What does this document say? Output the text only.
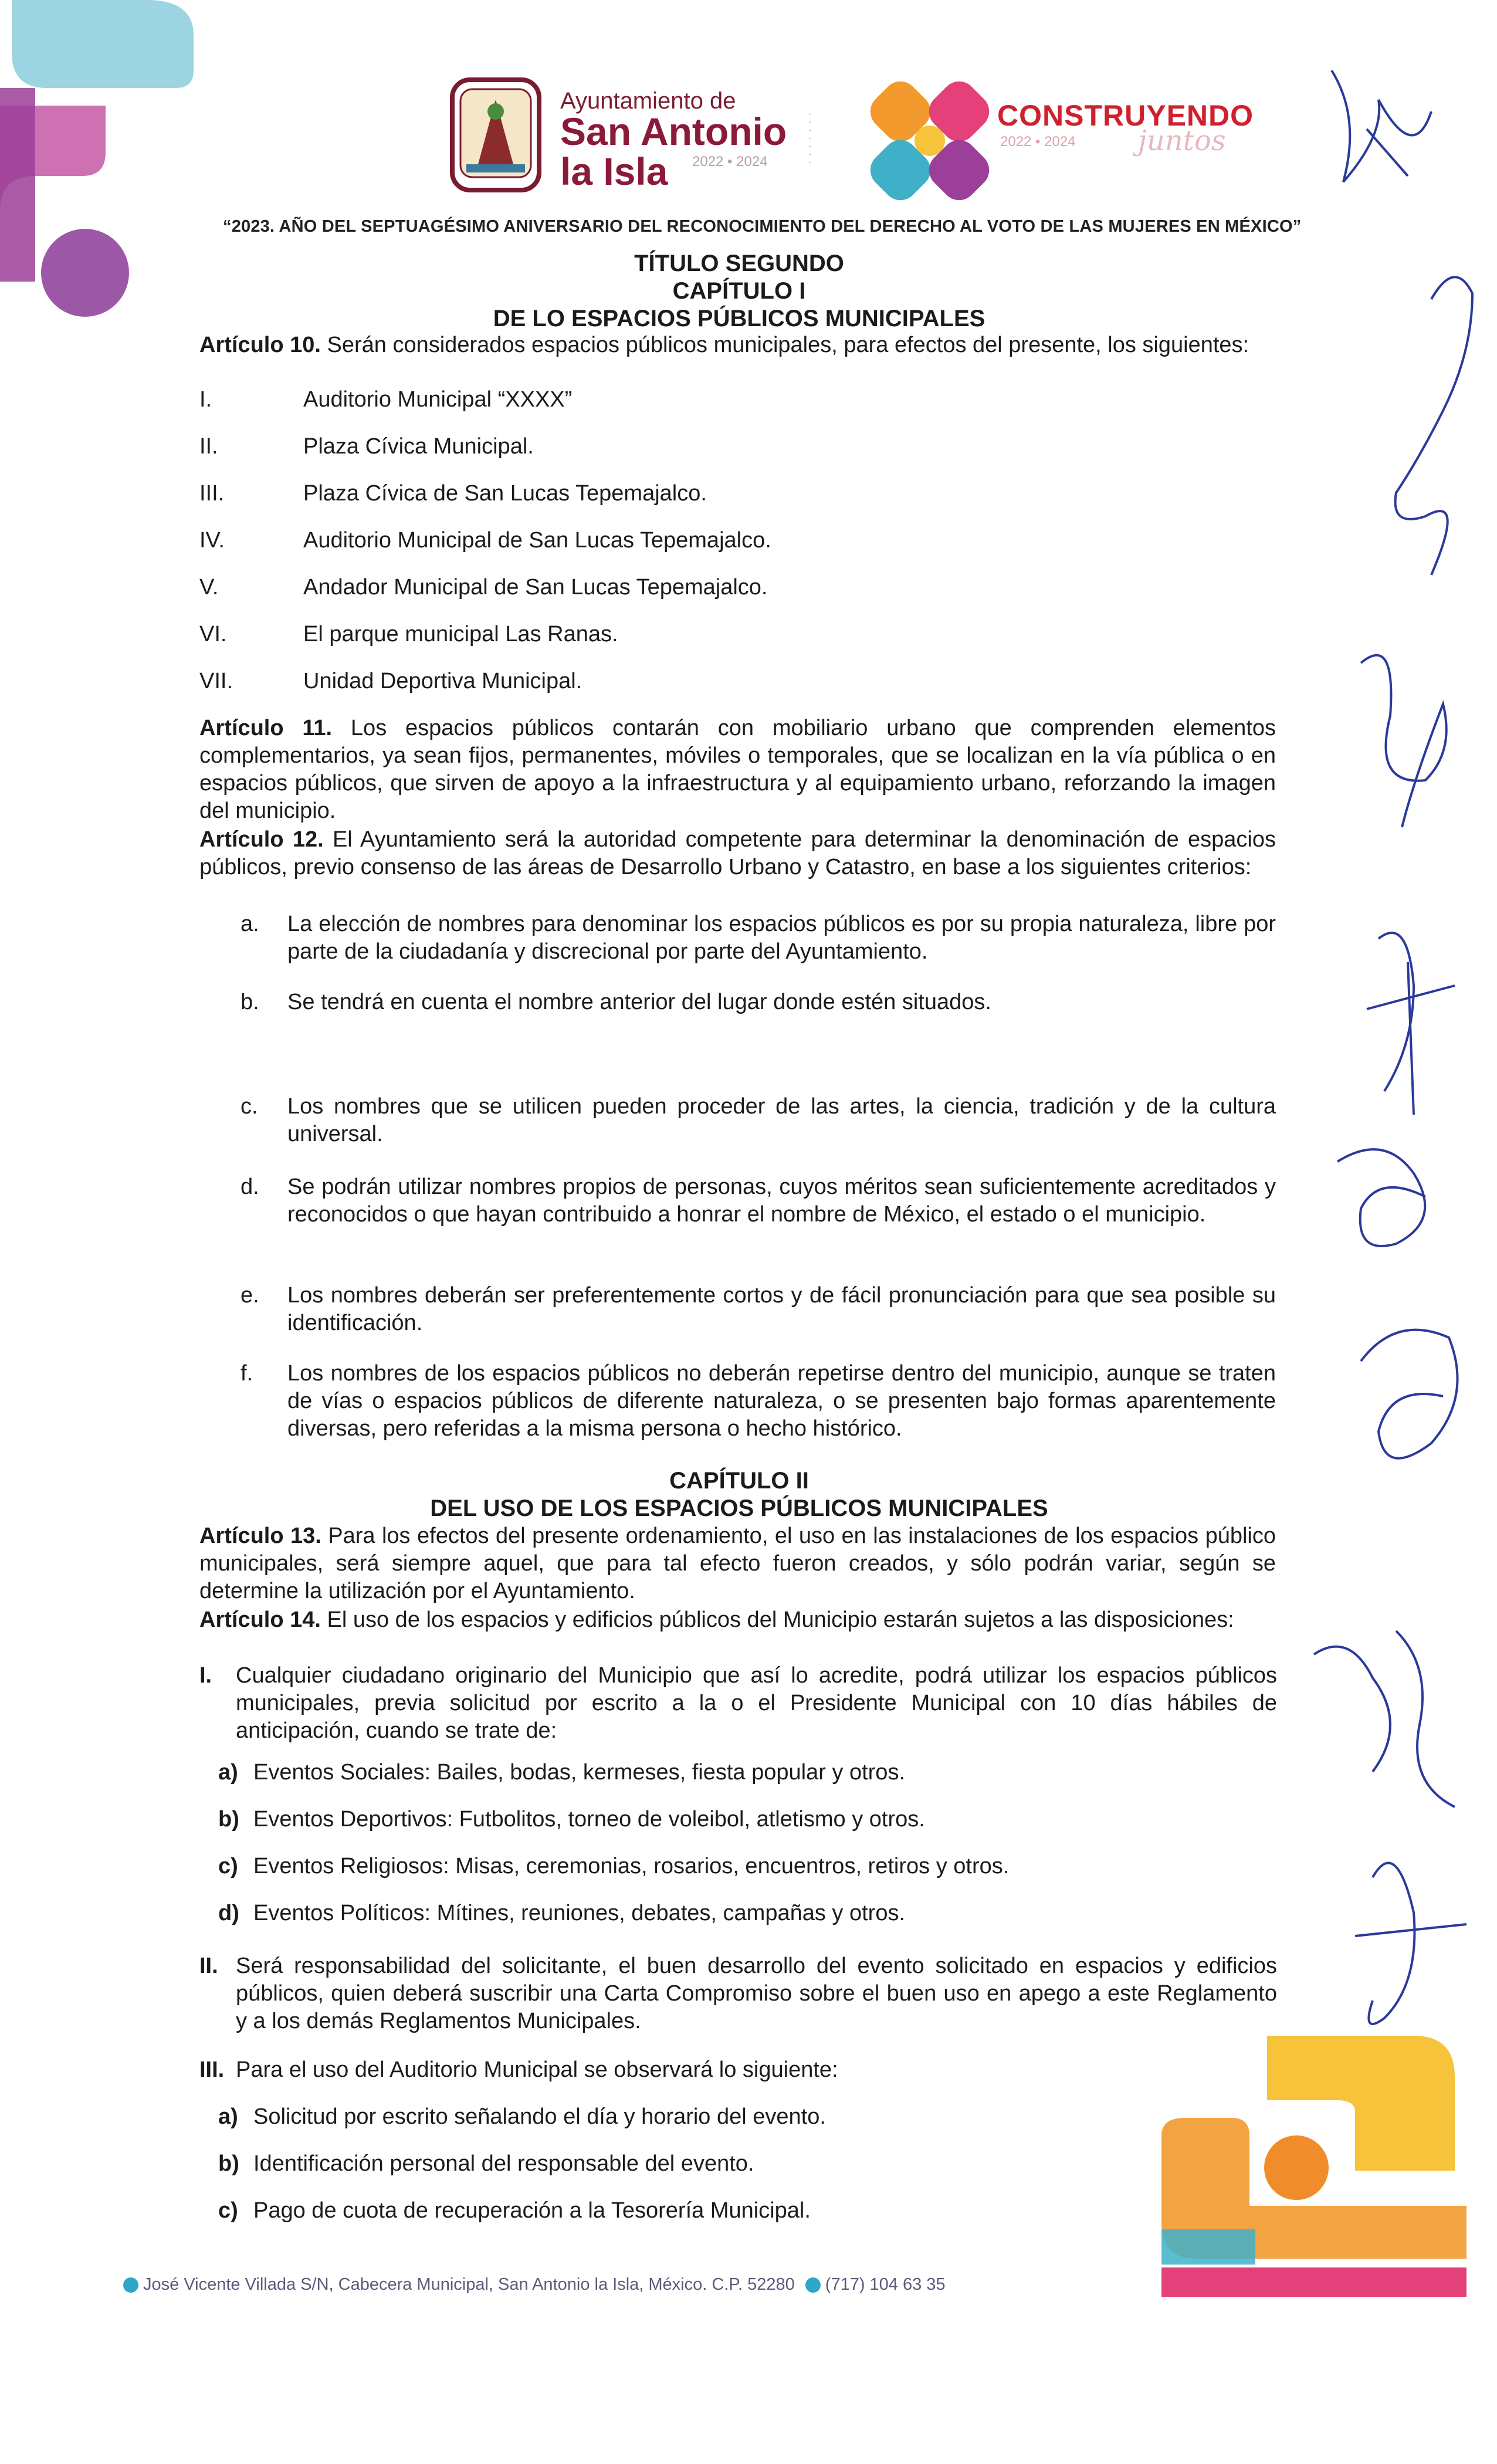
Ayuntamiento de
San Antonio
la Isla	2022 • 2024	· · · · · · ·	CONSTRUYENDO
2022 • 2024 juntos
“2023. AÑO DEL SEPTUAGÉSIMO ANIVERSARIO DEL RECONOCIMIENTO DEL DERECHO AL VOTO DE LAS MUJERES EN MÉXICO”
TÍTULO SEGUNDO
CAPÍTULO I
DE LO ESPACIOS PÚBLICOS MUNICIPALES
Artículo 10. Serán considerados espacios públicos municipales, para efectos del presente, los siguientes:
I.	Auditorio Municipal “XXXX”
II.	Plaza Cívica Municipal.
III.	Plaza Cívica de San Lucas Tepemajalco.
IV.	Auditorio Municipal de San Lucas Tepemajalco.
V.	Andador Municipal de San Lucas Tepemajalco.
VI.	El parque municipal Las Ranas.
VII.	Unidad Deportiva Municipal.
Artículo 11. Los espacios públicos contarán con mobiliario urbano que comprenden elementos complementarios, ya sean fijos, permanentes, móviles o temporales, que se localizan en la vía pública o en espacios públicos, que sirven de apoyo a la infraestructura y al equipamiento urbano, reforzando la imagen del municipio.
Artículo 12. El Ayuntamiento será la autoridad competente para determinar la denominación de espacios públicos, previo consenso de las áreas de Desarrollo Urbano y Catastro, en base a los siguientes criterios:
a. La elección de nombres para denominar los espacios públicos es por su propia naturaleza, libre por parte de la ciudadanía y discrecional por parte del Ayuntamiento.
b. Se tendrá en cuenta el nombre anterior del lugar donde estén situados.
c. Los nombres que se utilicen pueden proceder de las artes, la ciencia, tradición y de la cultura universal.
d. Se podrán utilizar nombres propios de personas, cuyos méritos sean suficientemente acreditados y reconocidos o que hayan contribuido a honrar el nombre de México, el estado o el municipio.
e. Los nombres deberán ser preferentemente cortos y de fácil pronunciación para que sea posible su identificación.
f. Los nombres de los espacios públicos no deberán repetirse dentro del municipio, aunque se traten de vías o espacios públicos de diferente naturaleza, o se presenten bajo formas aparentemente diversas, pero referidas a la misma persona o hecho histórico.
CAPÍTULO II
DEL USO DE LOS ESPACIOS PÚBLICOS MUNICIPALES
Artículo 13. Para los efectos del presente ordenamiento, el uso en las instalaciones de los espacios público municipales, será siempre aquel, que para tal efecto fueron creados, y sólo podrán variar, según se determine la utilización por el Ayuntamiento.
Artículo 14. El uso de los espacios y edificios públicos del Municipio estarán sujetos a las disposiciones:
I. Cualquier ciudadano originario del Municipio que así lo acredite, podrá utilizar los espacios públicos municipales, previa solicitud por escrito a la o el Presidente Municipal con 10 días hábiles de anticipación, cuando se trate de:
a) Eventos Sociales: Bailes, bodas, kermeses, fiesta popular y otros.
b) Eventos Deportivos: Futbolitos, torneo de voleibol, atletismo y otros.
c) Eventos Religiosos: Misas, ceremonias, rosarios, encuentros, retiros y otros.
d) Eventos Políticos: Mítines, reuniones, debates, campañas y otros.
II. Será responsabilidad del solicitante, el buen desarrollo del evento solicitado en espacios y edificios públicos, quien deberá suscribir una Carta Compromiso sobre el buen uso en apego a este Reglamento y a los demás Reglamentos Municipales.
III. Para el uso del Auditorio Municipal se observará lo siguiente:
a) Solicitud por escrito señalando el día y horario del evento.
b) Identificación personal del responsable del evento.
c) Pago de cuota de recuperación a la Tesorería Municipal.
José Vicente Villada S/N, Cabecera Municipal, San Antonio la Isla, México. C.P. 52280 (717) 104 63 35
